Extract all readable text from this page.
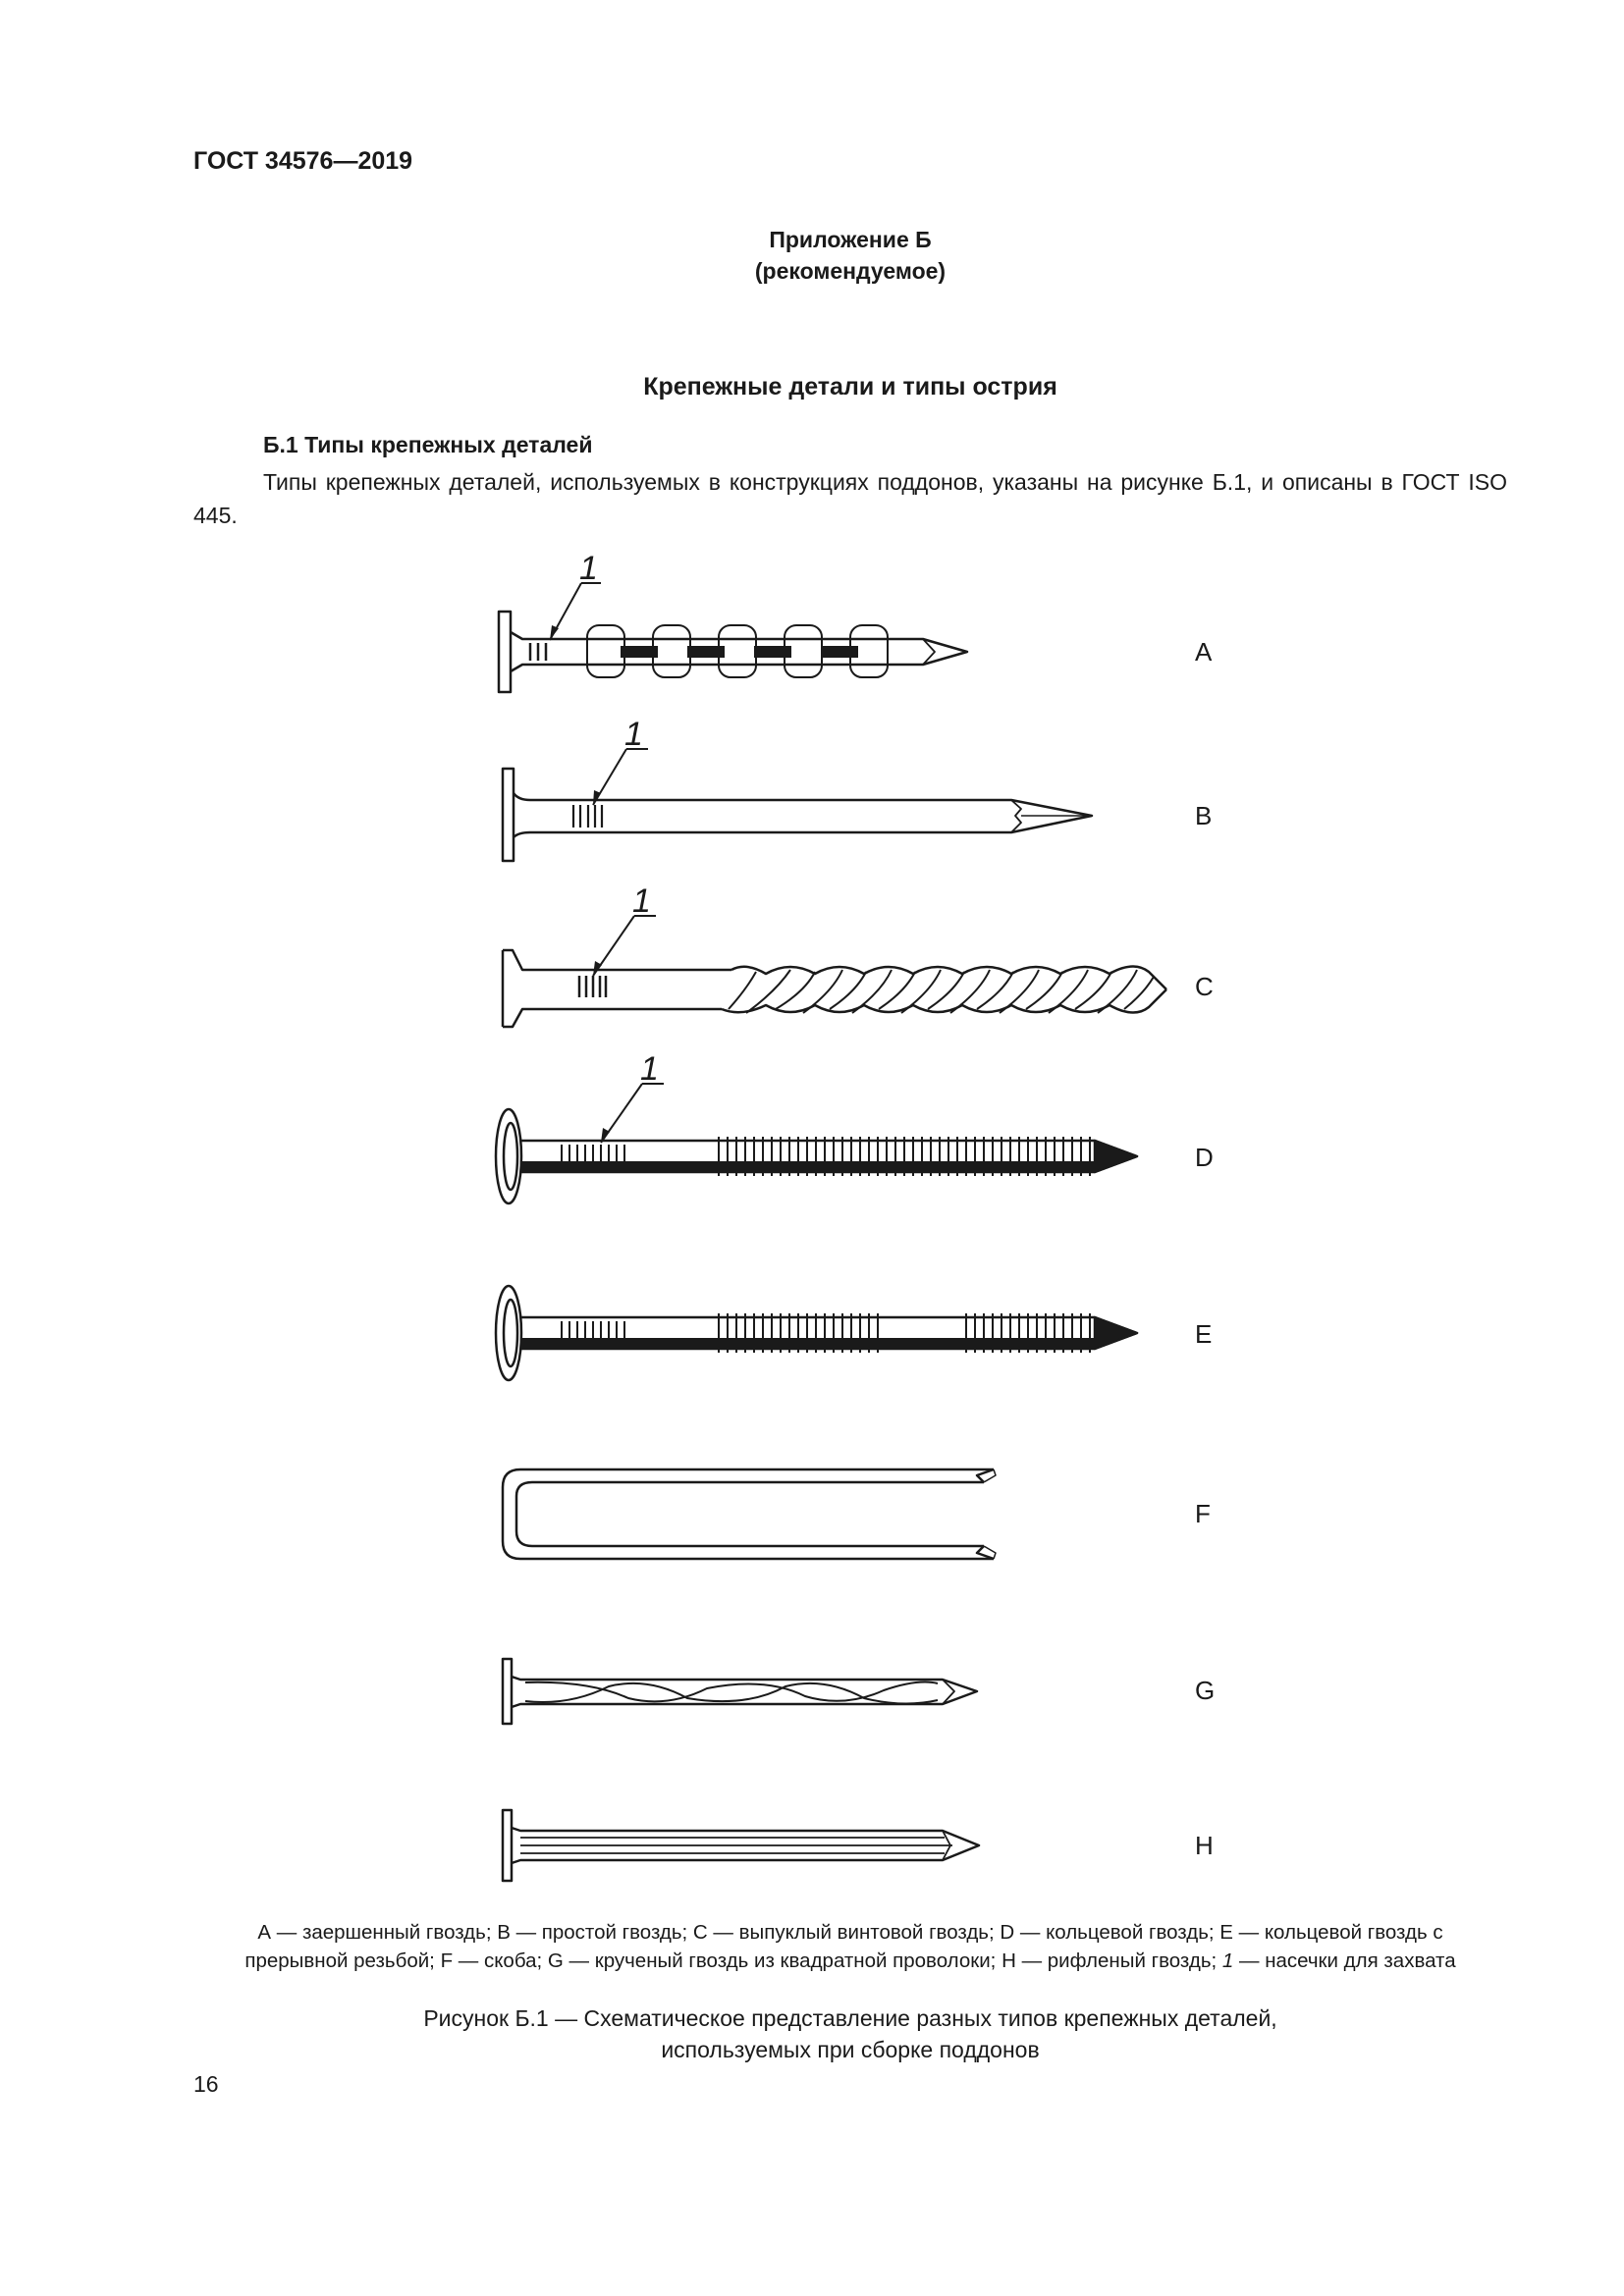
ГОСТ 34576—2019
Приложение Б
(рекомендуемое)
Крепежные детали и типы острия
Б.1 Типы крепежных деталей
Типы крепежных деталей, используемых в конструкциях поддонов, указаны на рисунке Б.1, и описаны в ГОСТ ISO 445.
1
1
1
1
A
B
C
D
E
F
G
H
А — заершенный гвоздь; В — простой гвоздь; С — выпуклый винтовой гвоздь; D — кольцевой гвоздь; Е — кольцевой гвоздь с
прерывной резьбой; F — скоба; G — крученый гвоздь из квадратной проволоки; Н — рифленый гвоздь; 1 — насечки для захвата
Рисунок Б.1 — Схематическое представление разных типов крепежных деталей,
используемых при сборке поддонов
16
